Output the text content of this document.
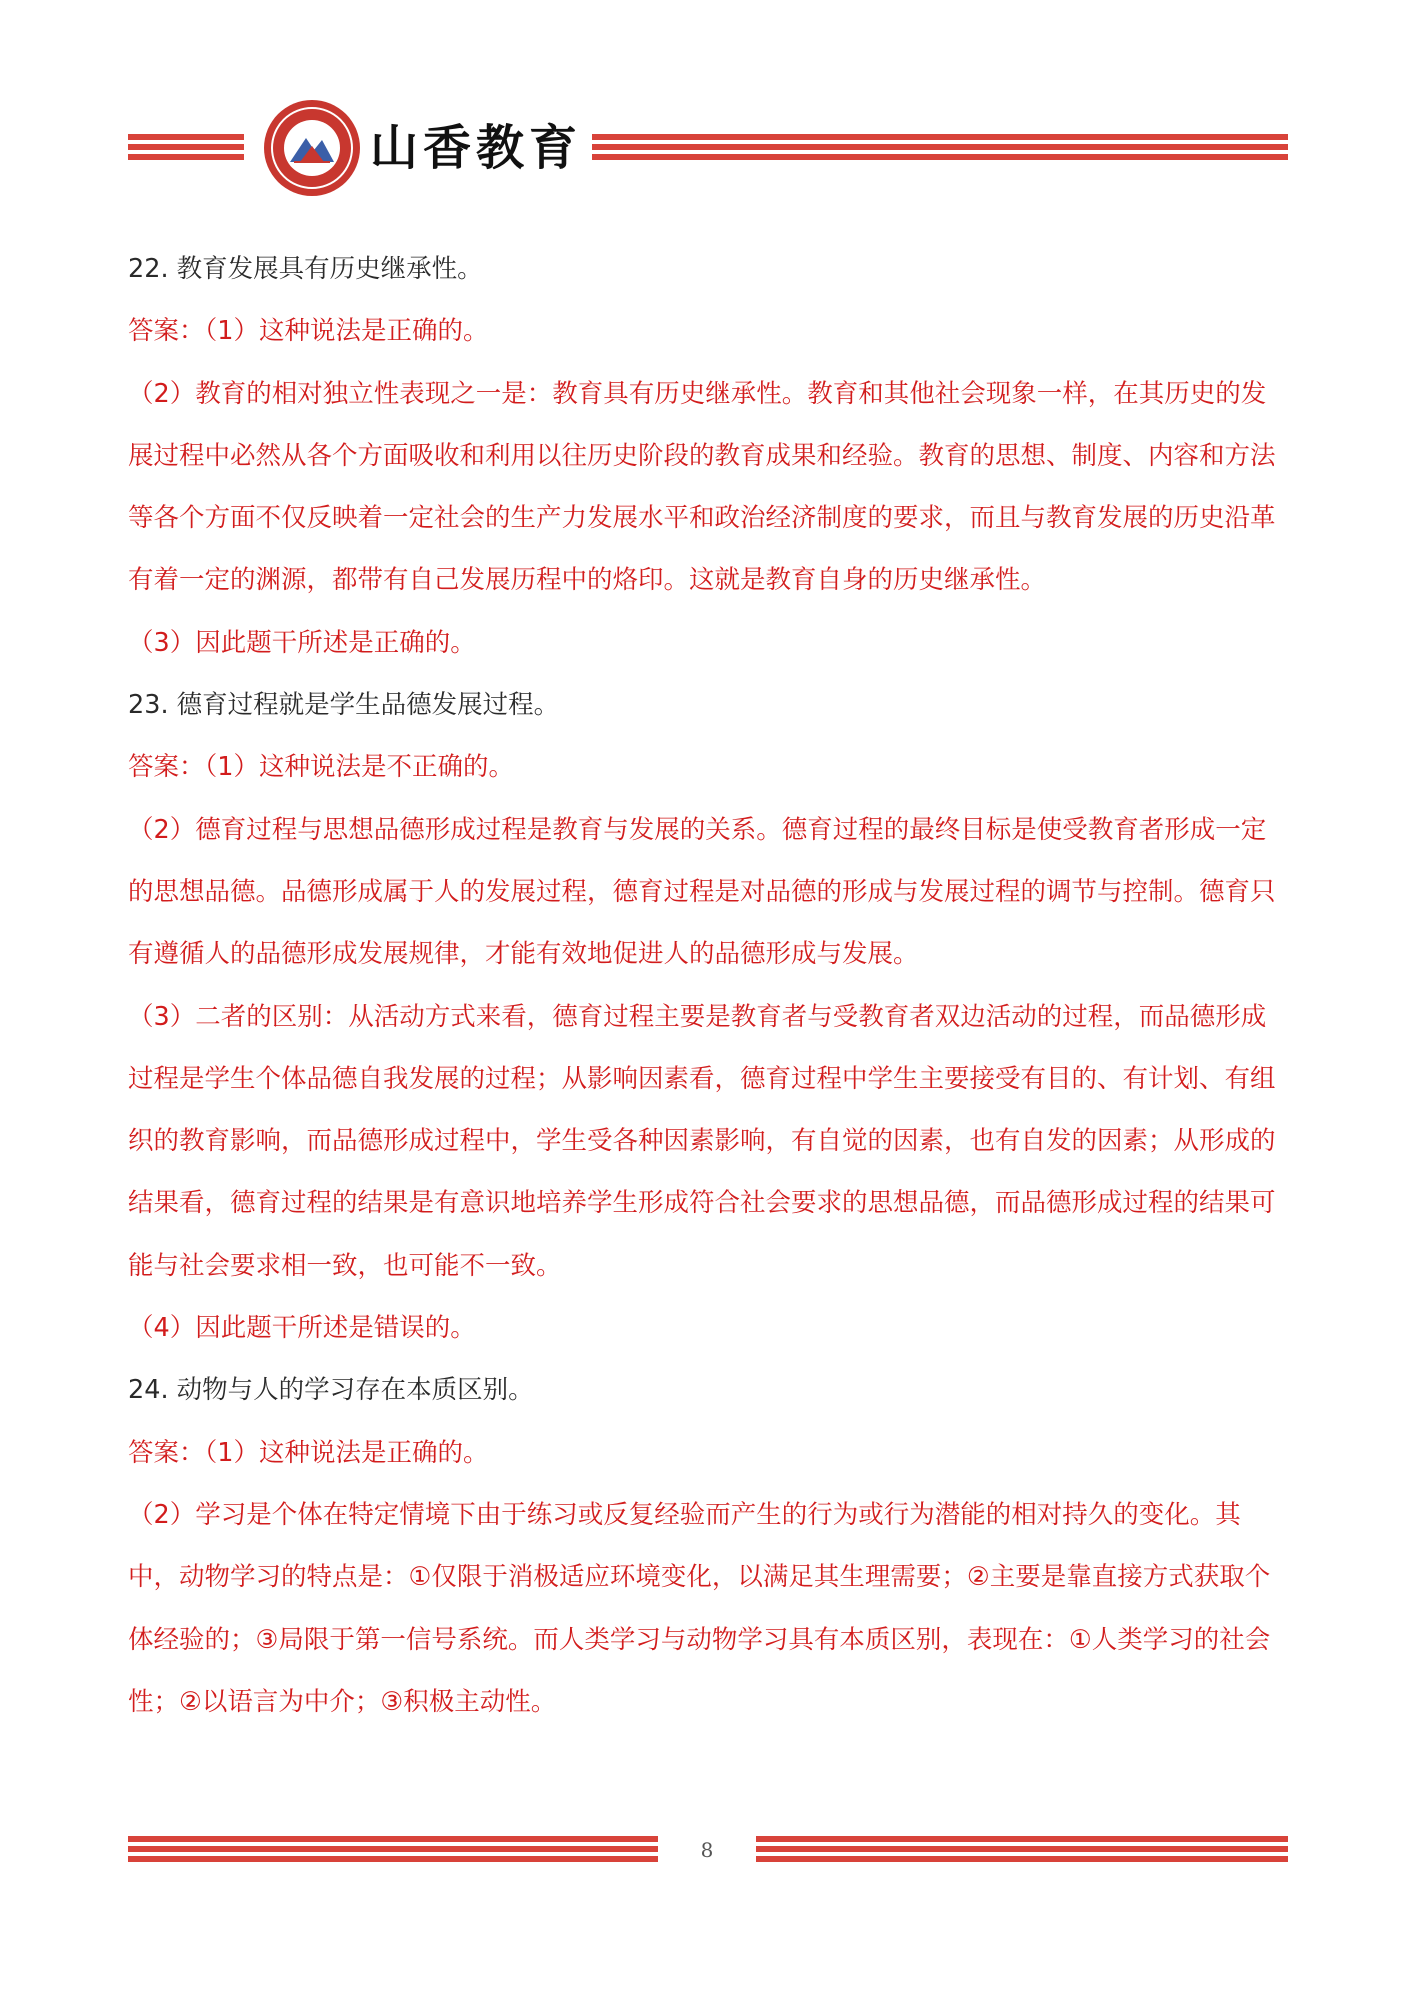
山香教育

22. 教育发展具有历史继承性。

答案：（1）这种说法是正确的。

（2）教育的相对独立性表现之一是：教育具有历史继承性。教育和其他社会现象一样，在其历史的发展过程中必然从各个方面吸收和利用以往历史阶段的教育成果和经验。教育的思想、制度、内容和方法等各个方面不仅反映着一定社会的生产力发展水平和政治经济制度的要求，而且与教育发展的历史沿革有着一定的渊源，都带有自己发展历程中的烙印。这就是教育自身的历史继承性。

（3）因此题干所述是正确的。

23. 德育过程就是学生品德发展过程。

答案：（1）这种说法是不正确的。

（2）德育过程与思想品德形成过程是教育与发展的关系。德育过程的最终目标是使受教育者形成一定的思想品德。品德形成属于人的发展过程，德育过程是对品德的形成与发展过程的调节与控制。德育只有遵循人的品德形成发展规律，才能有效地促进人的品德形成与发展。

（3）二者的区别：从活动方式来看，德育过程主要是教育者与受教育者双边活动的过程，而品德形成过程是学生个体品德自我发展的过程；从影响因素看，德育过程中学生主要接受有目的、有计划、有组织的教育影响，而品德形成过程中，学生受各种因素影响，有自觉的因素，也有自发的因素；从形成的结果看，德育过程的结果是有意识地培养学生形成符合社会要求的思想品德，而品德形成过程的结果可能与社会要求相一致，也可能不一致。

（4）因此题干所述是错误的。

24. 动物与人的学习存在本质区别。

答案：（1）这种说法是正确的。

（2）学习是个体在特定情境下由于练习或反复经验而产生的行为或行为潜能的相对持久的变化。其中，动物学习的特点是：①仅限于消极适应环境变化，以满足其生理需要；②主要是靠直接方式获取个体经验的；③局限于第一信号系统。而人类学习与动物学习具有本质区别，表现在：①人类学习的社会性；②以语言为中介；③积极主动性。

8
